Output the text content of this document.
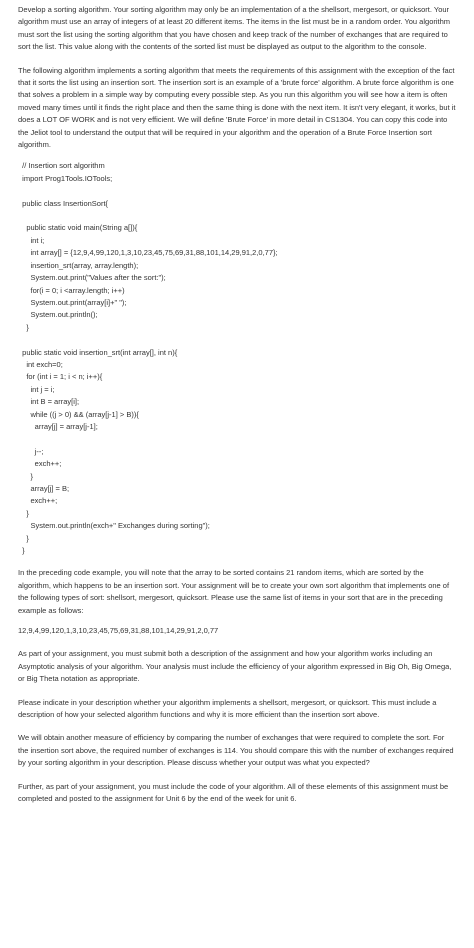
Develop a sorting algorithm. Your sorting algorithm may only be an implementation of a the shellsort, mergesort, or quicksort. Your algorithm must use an array of integers of at least 20 different items. The items in the list must be in a random order. You algorithm must sort the list using the sorting algorithm that you have chosen and keep track of the number of exchanges that are required to sort the list. This value along with the contents of the sorted list must be displayed as output to the algorithm to the console.

The following algorithm implements a sorting algorithm that meets the requirements of this assignment with the exception of the fact that it sorts the list using an insertion sort. The insertion sort is an example of a 'brute force' algorithm. A brute force algorithm is one that solves a problem in a simple way by computing every possible step. As you run this algorithm you will see how a item is often moved many times until it finds the right place and then the same thing is done with the next item. It isn't very elegant, it works, but it does a LOT OF WORK and is not very efficient. We will define 'Brute Force' in more detail in CS1304. You can copy this code into the Jeliot tool to understand the output that will be required in your algorithm and the operation of a Brute Force Insertion sort algorithm.

// Insertion sort algorithm
import Prog1Tools.IOTools;
public class InsertionSort{
public static void main(String a[]){
int i;
int array[] = {12,9,4,99,120,1,3,10,23,45,75,69,31,88,101,14,29,91,2,0,77};
insertion_srt(array, array.length);
System.out.print("Values after the sort:");
for(i = 0; i <array.length; i++)
System.out.print(array[i]+" ");
System.out.println();
}
public static void insertion_srt(int array[], int n){
int exch=0;
for (int i = 1; i < n; i++){
int j = i;
int B = array[i];
while ((j > 0) && (array[j-1] > B)){
array[j] = array[j-1];
j--;
exch++;
}
array[j] = B;
exch++;
}
System.out.println(exch+" Exchanges during sorting");
}
}

In the preceding code example, you will note that the array to be sorted contains 21 random items, which are sorted by the algorithm, which happens to be an insertion sort. Your assignment will be to create your own sort algorithm that implements one of the following types of sort: shellsort, mergesort, quicksort. Please use the same list of items in your sort that are in the preceding example as follows:

12,9,4,99,120,1,3,10,23,45,75,69,31,88,101,14,29,91,2,0,77

As part of your assignment, you must submit both a description of the assignment and how your algorithm works including an Asymptotic analysis of your algorithm. Your analysis must include the efficiency of your algorithm expressed in Big Oh, Big Omega, or Big Theta notation as appropriate.

Please indicate in your description whether your algorithm implements a shellsort, mergesort, or quicksort. This must include a description of how your selected algorithm functions and why it is more efficient than the insertion sort above.

We will obtain another measure of efficiency by comparing the number of exchanges that were required to complete the sort. For the insertion sort above, the required number of exchanges is 114. You should compare this with the number of exchanges required by your sorting algorithm in your description. Please discuss whether your output was what you expected?

Further, as part of your assignment, you must include the code of your algorithm. All of these elements of this assignment must be completed and posted to the assignment for Unit 6 by the end of the week for unit 6.
